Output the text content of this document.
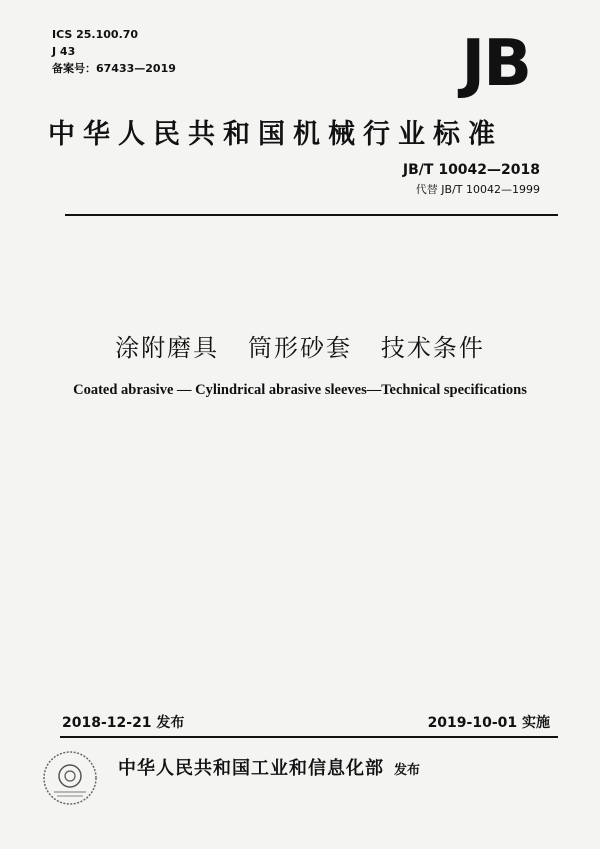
ICS 25.100.70
J 43
备案号：67433—2019	JB
中华人民共和国机械行业标准
JB/T 10042—2018
代替 JB/T 10042—1999
涂附磨具   筒形砂套   技术条件
Coated abrasive — Cylindrical abrasive sleeves—Technical specifications
2018-12-21 发布	2019-10-01 实施
中华人民共和国工业和信息化部 发布
